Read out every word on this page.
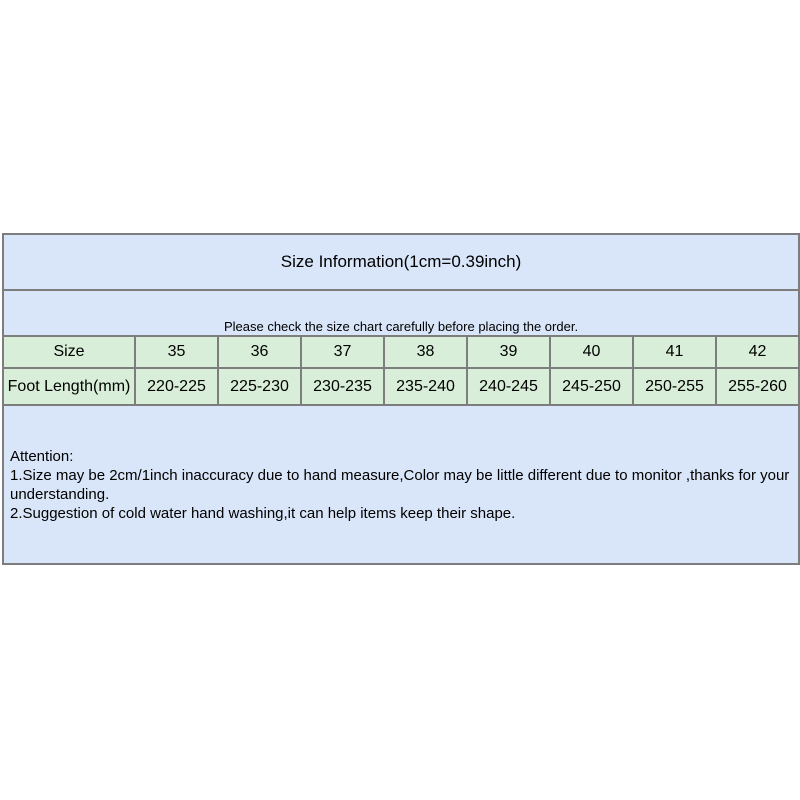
Size Information(1cm=0.39inch)								
Please check the size chart carefully before placing the order.								
Size	35	36	37	38	39	40	41	42
Foot Length(mm)	220-225	225-230	230-235	235-240	240-245	245-250	250-255	255-260

Attention:
1.Size may be 2cm/1inch inaccuracy due to hand measure,Color may be little different due to monitor ,thanks for your
understanding.
2.Suggestion of cold water hand washing,it can help items keep their shape.								
